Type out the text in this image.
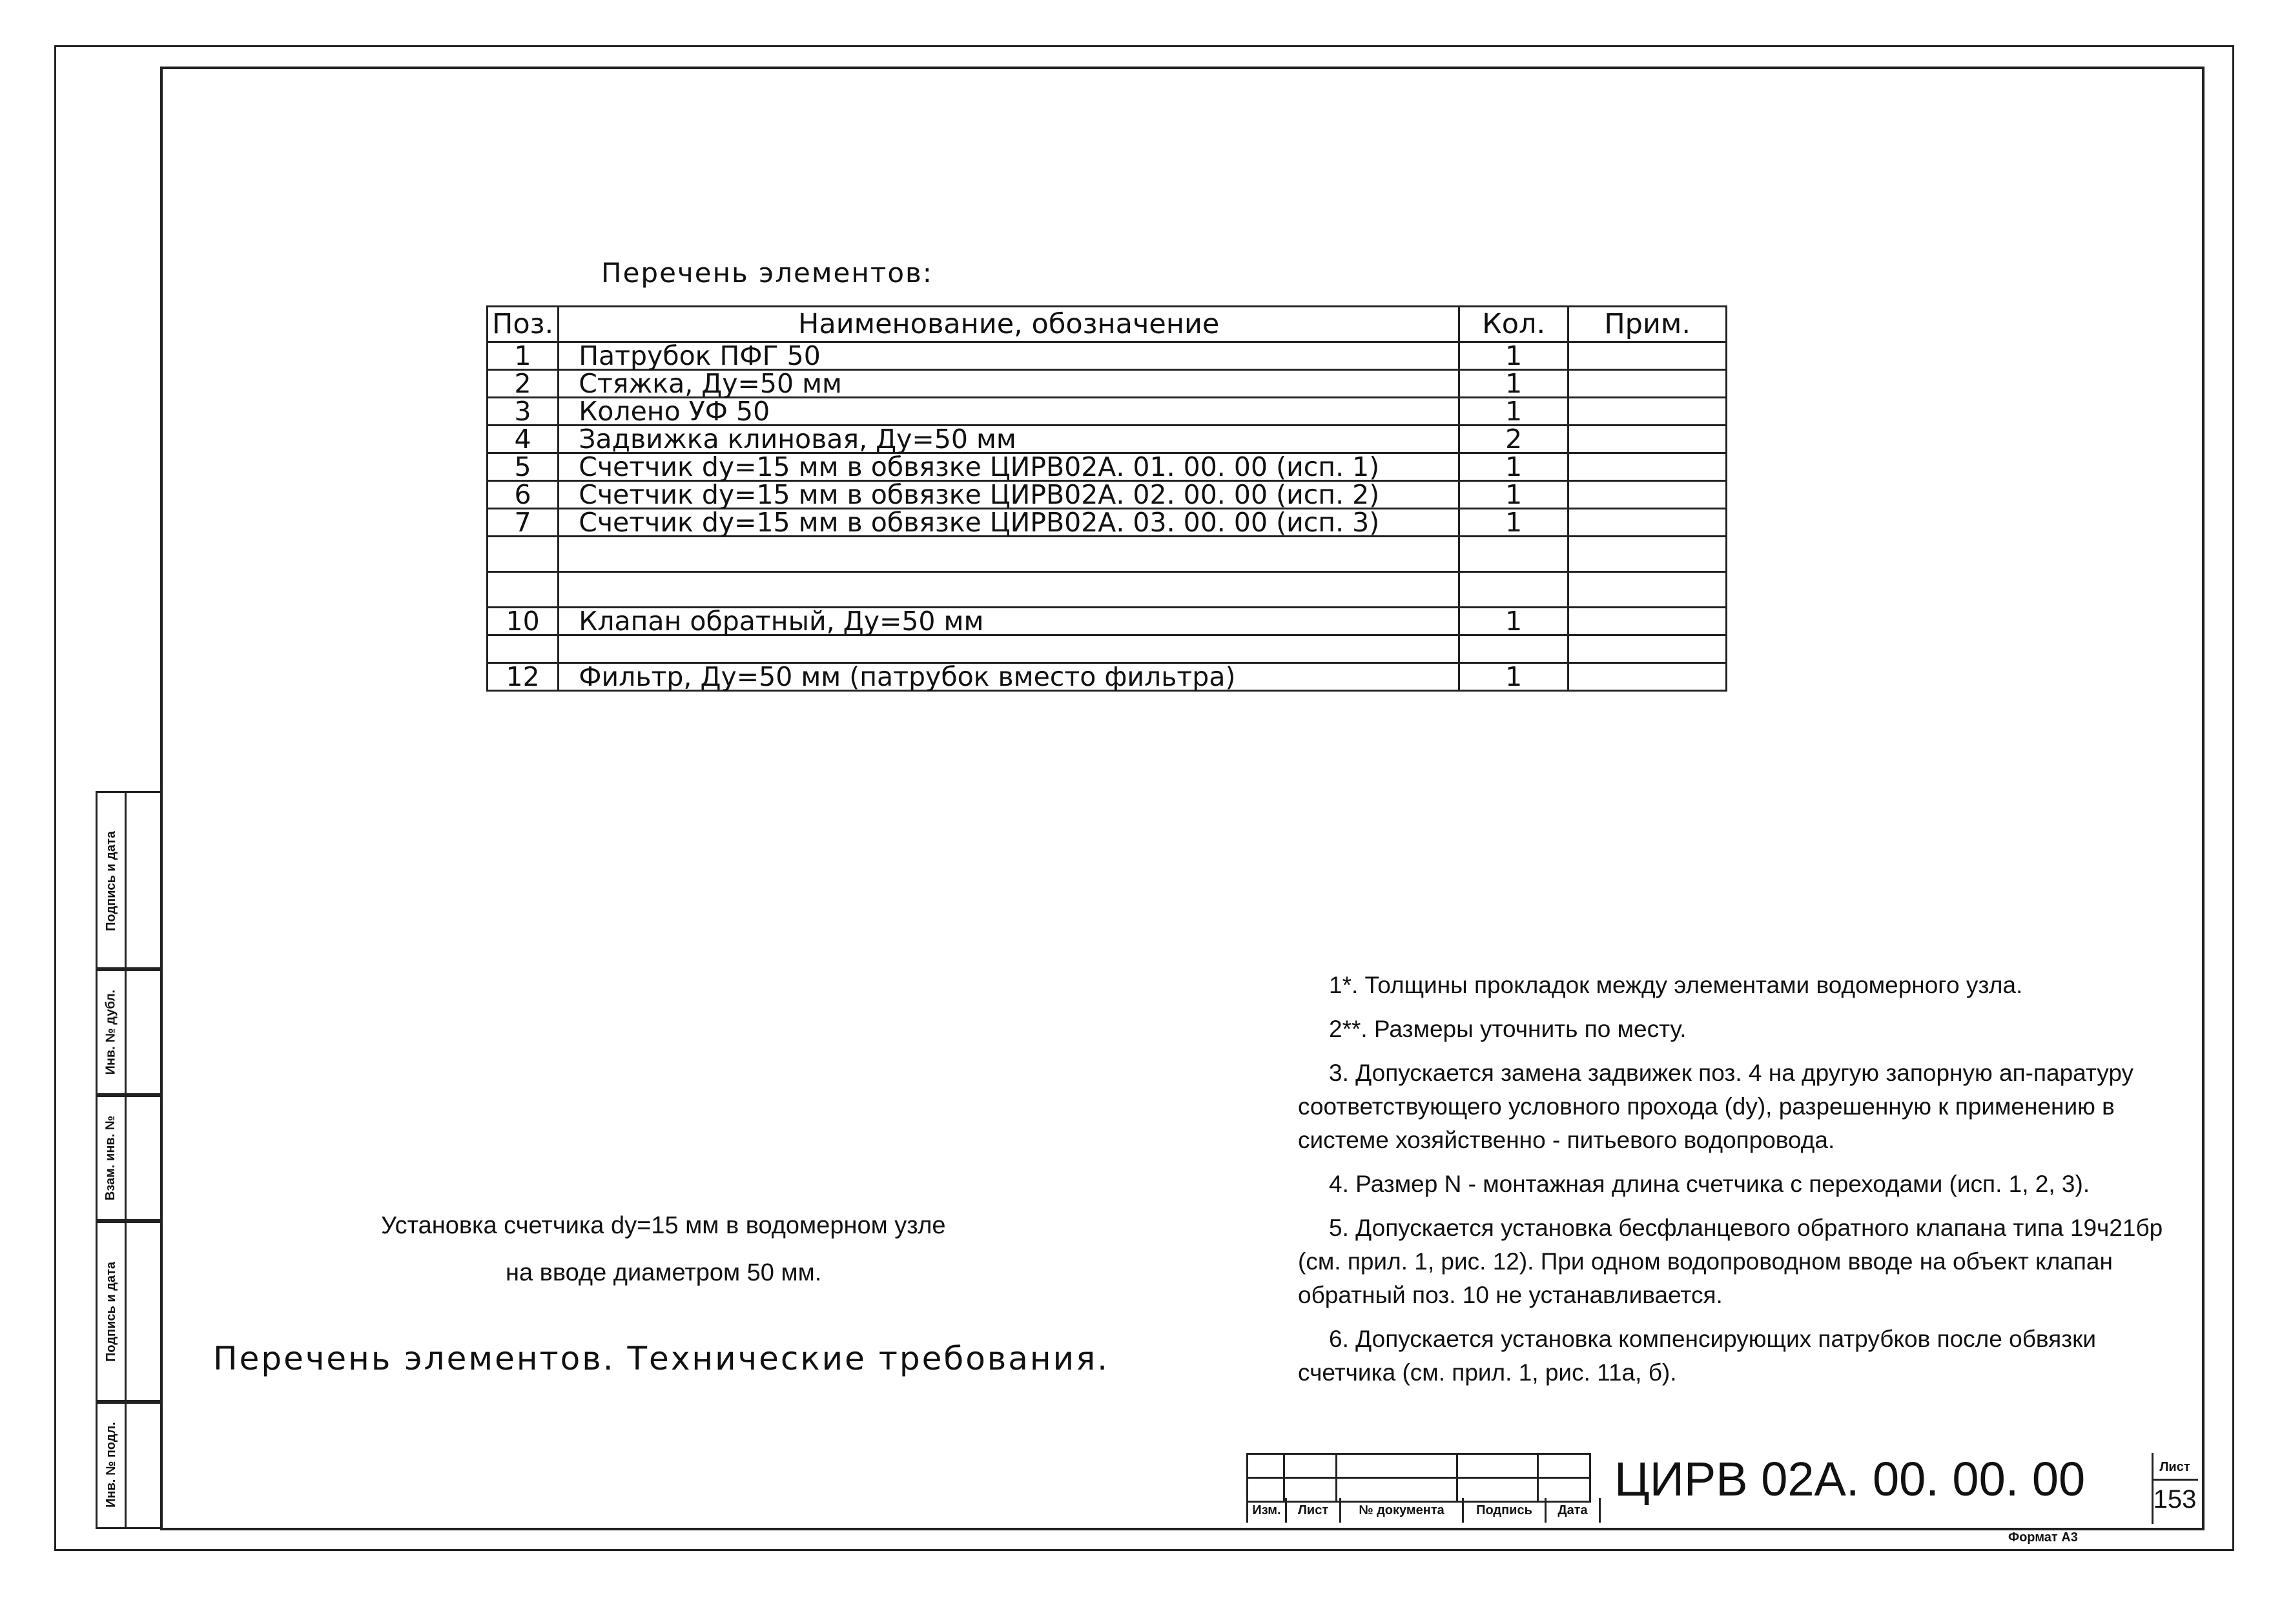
Перечень элементов:
Поз.	Наименование, обозначение	Кол.	Прим.
1	Патрубок ПФГ 50	1	
2	Стяжка, Ду=50 мм	1	
3	Колено УФ 50	1	
4	Задвижка клиновая, Ду=50 мм	2	
5	Счетчик dy=15 мм в обвязке ЦИРВ02А. 01. 00. 00 (исп. 1)	1	
6	Счетчик dy=15 мм в обвязке ЦИРВ02А. 02. 00. 00 (исп. 2)	1	
7	Счетчик dy=15 мм в обвязке ЦИРВ02А. 03. 00. 00 (исп. 3)	1	

10	Клапан обратный, Ду=50 мм	1	

12	Фильтр, Ду=50 мм (патрубок вместо фильтра)	1	

1*. Толщины прокладок между элементами водомерного узла.

2**. Размеры уточнить по месту.

3. Допускается замена задвижек поз. 4 на другую запорную ап-паратуру соответствующего условного прохода (dy), разрешенную к применению в системе хозяйственно - питьевого водопровода.

4. Размер N - монтажная длина счетчика с переходами (исп. 1, 2, 3).

5. Допускается установка бесфланцевого обратного клапана типа 19ч21бр (см. прил. 1, рис. 12). При одном водопроводном вводе на объект клапан обратный поз. 10 не устанавливается.

6. Допускается установка компенсирующих патрубков после обвязки счетчика (см. прил. 1, рис. 11а, б).

Установка счетчика dy=15 мм в водомерном узле
на вводе диаметром 50 мм.
Перечень элементов. Технические требования.
Подпись и дата
Инв. № дубл.
Взам. инв. №
Подпись и дата
Инв. № подл.

Изм.	Лист	№ документа	Подпись	Дата
ЦИРВ 02А. 00. 00. 00	Лист
153
Формат А3
